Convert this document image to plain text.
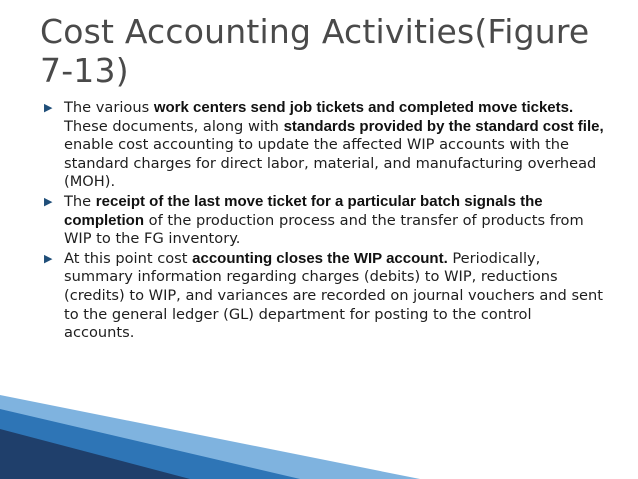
Cost Accounting Activities(Figure 7-13)
▶ The various work centers send job tickets and completed move tickets. These documents, along with standards provided by the standard cost file, enable cost accounting to update the affected WIP accounts with the standard charges for direct labor, material, and manufacturing overhead (MOH).
▶ The receipt of the last move ticket for a particular batch signals the completion of the production process and the transfer of products from WIP to the FG inventory.
▶ At this point cost accounting closes the WIP account. Periodically, summary information regarding charges (debits) to WIP, reductions (credits) to WIP, and variances are recorded on journal vouchers and sent to the general ledger (GL) department for posting to the control accounts.
